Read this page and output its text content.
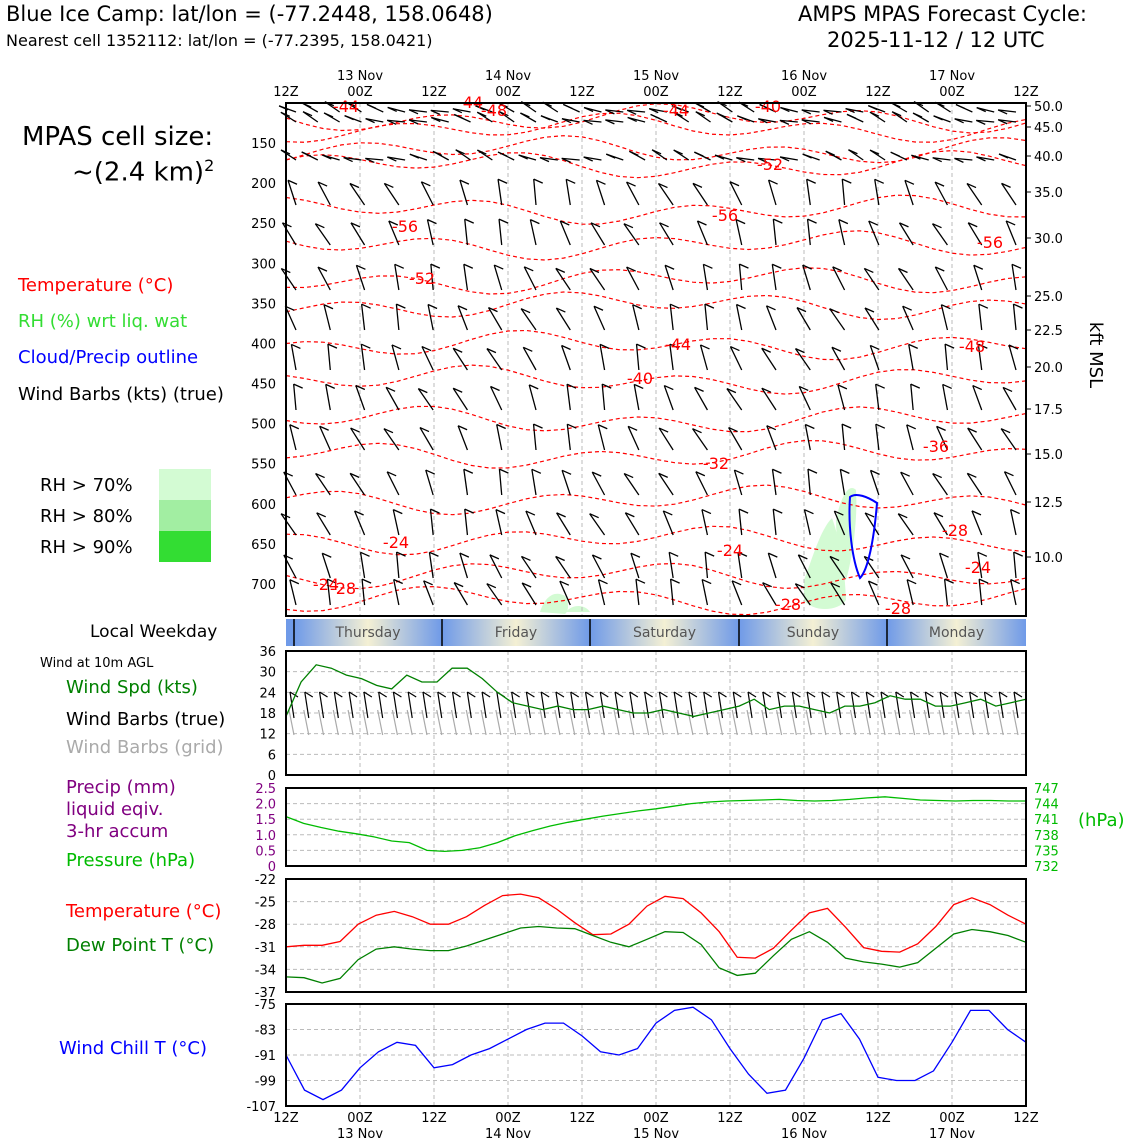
Blue Ice Camp: lat/lon = (-77.2448, 158.0648)
Nearest cell 1352112: lat/lon = (-77.2395, 158.0421)
AMPS MPAS Forecast Cycle:
2025-11-12 / 12 UTC
MPAS cell size:
~(2.4 km)$^2$
Temperature (°C)
RH (%) wrt liq. wat
Cloud/Precip outline
Wind Barbs (kts) (true)
RH > 70%
RH > 80%
RH > 90%
Local Weekday
Wind at 10m AGL
Wind Spd (kts)
Wind Barbs (true)
Wind Barbs (grid)
Precip (mm)
liquid eqiv.
3-hr accum
Pressure (hPa)
(hPa)
Temperature (°C)
Dew Point T (°C)
Wind Chill T (°C)
150
200
250
300
350
400
450
500
550
600
650
700
50.0
45.0
40.0
35.0
30.0
25.0
22.5
20.0
17.5
15.0
12.5
10.0
kft MSL
-44	-44
-48	-44	-40
-52
-56
-56
-56
-52
-44	-48
-40
-36
-32
-28
-24	-24
-24
-24
-28
-28	-28
Thursday	Friday	Saturday	Sunday	Monday
36
30
24
18
12
6
0
2.5
2.0
1.5
1.0
0.5
0
747
744
741
738
735
732
-22
-25
-28
-31
-34
-37
-75
-83
-91
-99
-107
12Z
12Z
00Z
00Z
12Z
12Z
00Z
00Z
12Z
12Z
00Z
00Z
12Z
12Z
00Z
00Z
12Z
12Z
00Z
00Z
12Z
12Z
13 Nov
13 Nov
14 Nov
14 Nov
15 Nov
15 Nov
16 Nov
16 Nov
17 Nov
17 Nov
